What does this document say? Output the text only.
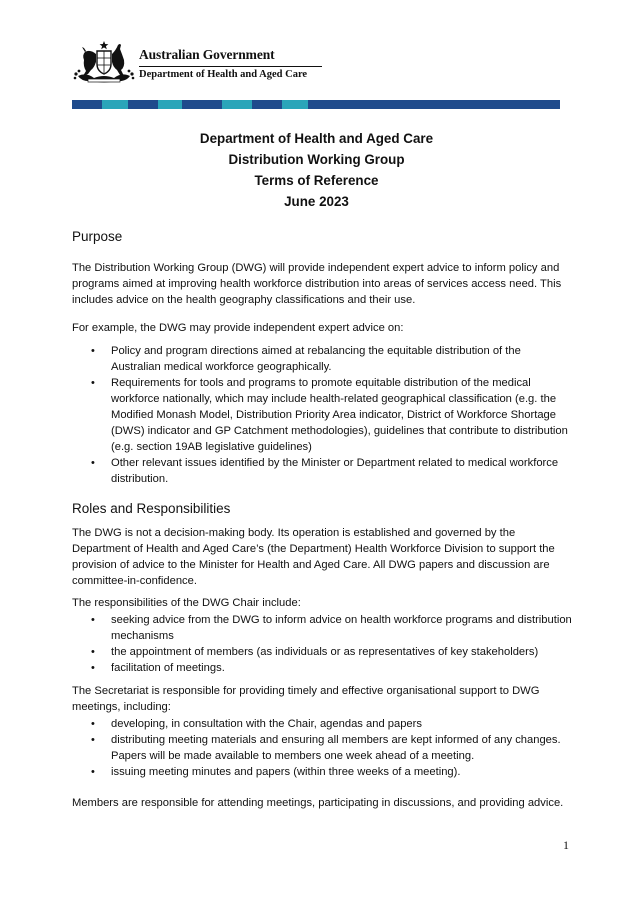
Australian Government
Department of Health and Aged Care
Department of Health and Aged Care
Distribution Working Group
Terms of Reference
June 2023
Purpose

The Distribution Working Group (DWG) will provide independent expert advice to inform policy and programs aimed at improving health workforce distribution into areas of services access need. This includes advice on the health geography classifications and their use.

For example, the DWG may provide independent expert advice on:

• Policy and program directions aimed at rebalancing the equitable distribution of the Australian medical workforce geographically.
• Requirements for tools and programs to promote equitable distribution of the medical workforce nationally, which may include health-related geographical classification (e.g. the Modified Monash Model, Distribution Priority Area indicator, District of Workforce Shortage (DWS) indicator and GP Catchment methodologies), guidelines that contribute to distribution (e.g. section 19AB legislative guidelines)
• Other relevant issues identified by the Minister or Department related to medical workforce distribution.
Roles and Responsibilities

The DWG is not a decision-making body. Its operation is established and governed by the Department of Health and Aged Care’s (the Department) Health Workforce Division to support the provision of advice to the Minister for Health and Aged Care. All DWG papers and discussion are committee-in-confidence.

The responsibilities of the DWG Chair include:

• seeking advice from the DWG to inform advice on health workforce programs and distribution mechanisms
• the appointment of members (as individuals or as representatives of key stakeholders)
• facilitation of meetings.

The Secretariat is responsible for providing timely and effective organisational support to DWG meetings, including:

• developing, in consultation with the Chair, agendas and papers
• distributing meeting materials and ensuring all members are kept informed of any changes. Papers will be made available to members one week ahead of a meeting.
• issuing meeting minutes and papers (within three weeks of a meeting).

Members are responsible for attending meetings, participating in discussions, and providing advice.

1
